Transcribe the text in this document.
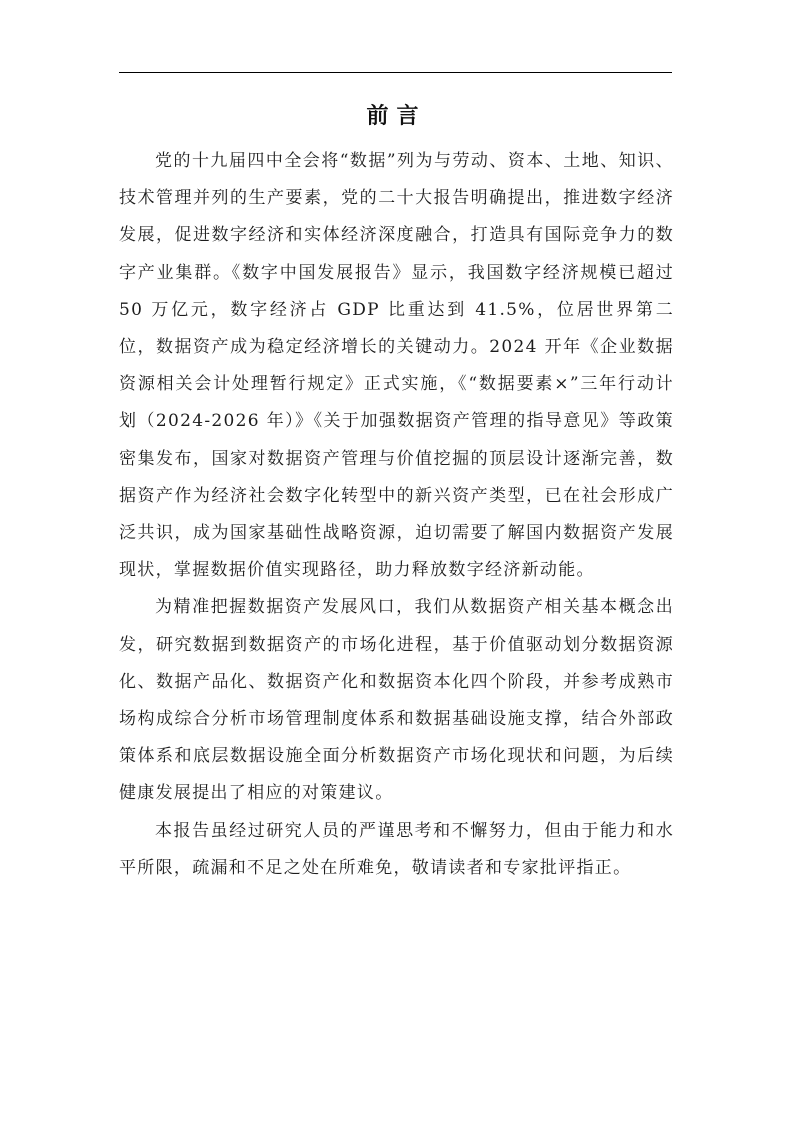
前言

党的十九届四中全会将“数据”列为与劳动、资本、土地、知识、技术管理并列的生产要素，党的二十大报告明确提出，推进数字经济发展，促进数字经济和实体经济深度融合，打造具有国际竞争力的数字产业集群。《数字中国发展报告》显示，我国数字经济规模已超过 50 万亿元，数字经济占 GDP 比重达到 41.5%，位居世界第二位，数据资产成为稳定经济增长的关键动力。2024 开年《企业数据资源相关会计处理暂行规定》正式实施，《“数据要素×”三年行动计划（2024-2026 年）》《关于加强数据资产管理的指导意见》等政策密集发布，国家对数据资产管理与价值挖掘的顶层设计逐渐完善，数据资产作为经济社会数字化转型中的新兴资产类型，已在社会形成广泛共识，成为国家基础性战略资源，迫切需要了解国内数据资产发展现状，掌握数据价值实现路径，助力释放数字经济新动能。

为精准把握数据资产发展风口，我们从数据资产相关基本概念出发，研究数据到数据资产的市场化进程，基于价值驱动划分数据资源化、数据产品化、数据资产化和数据资本化四个阶段，并参考成熟市场构成综合分析市场管理制度体系和数据基础设施支撑，结合外部政策体系和底层数据设施全面分析数据资产市场化现状和问题，为后续健康发展提出了相应的对策建议。

本报告虽经过研究人员的严谨思考和不懈努力，但由于能力和水平所限，疏漏和不足之处在所难免，敬请读者和专家批评指正。
